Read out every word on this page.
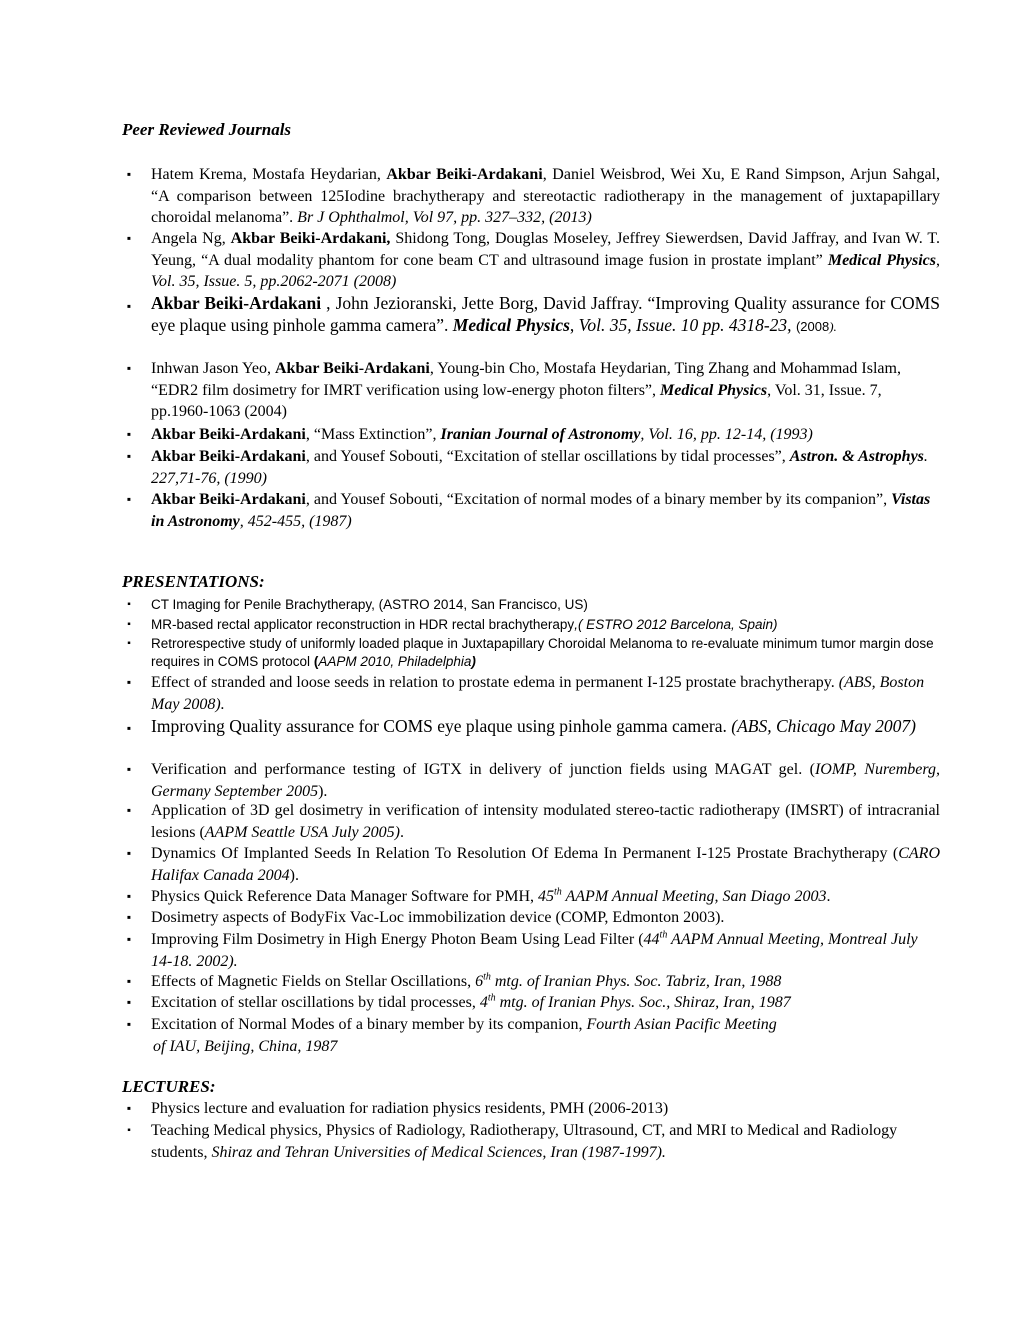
Peer Reviewed Journals
▪	Hatem Krema, Mostafa Heydarian, Akbar Beiki-Ardakani, Daniel Weisbrod, Wei Xu, E Rand Simpson, Arjun Sahgal, “A comparison between 125Iodine brachytherapy and stereotactic radiotherapy in the management of juxtapapillary choroidal melanoma”. Br J Ophthalmol, Vol 97, pp. 327–332, (2013)
▪	Angela Ng, Akbar Beiki-Ardakani, Shidong Tong, Douglas Moseley, Jeffrey Siewerdsen, David Jaffray, and Ivan W. T. Yeung, “A dual modality phantom for cone beam CT and ultrasound image fusion in prostate implant” Medical Physics, Vol. 35, Issue. 5, pp.2062-2071 (2008)
▪ Akbar Beiki-Ardakani , John Jezioranski, Jette Borg, David Jaffray. “Improving Quality assurance for COMS eye plaque using pinhole gamma camera”. Medical Physics, Vol. 35, Issue. 10 pp. 4318-23, (2008).
▪	Inhwan Jason Yeo, Akbar Beiki-Ardakani, Young-bin Cho, Mostafa Heydarian, Ting Zhang and Mohammad Islam, “EDR2 film dosimetry for IMRT verification using low-energy photon filters”, Medical Physics, Vol. 31, Issue. 7, pp.1960-1063 (2004)
▪	Akbar Beiki-Ardakani, “Mass Extinction”, Iranian Journal of Astronomy, Vol. 16, pp. 12-14, (1993)
▪	Akbar Beiki-Ardakani, and Yousef Sobouti, “Excitation of stellar oscillations by tidal processes”, Astron. & Astrophys. 227,71-76, (1990)
▪	Akbar Beiki-Ardakani, and Yousef Sobouti, “Excitation of normal modes of a binary member by its companion”, Vistas in Astronomy, 452-455, (1987)
PRESENTATIONS:
▪	CT Imaging for Penile Brachytherapy, (ASTRO 2014, San Francisco, US)
▪	MR-based rectal applicator reconstruction in HDR rectal brachytherapy,( ESTRO 2012 Barcelona, Spain)
▪	Retrorespective study of uniformly loaded plaque in Juxtapapillary Choroidal Melanoma to re-evaluate minimum tumor margin dose requires in COMS protocol (AAPM 2010, Philadelphia)
▪	Effect of stranded and loose seeds in relation to prostate edema in permanent I-125 prostate brachytherapy. (ABS, Boston May 2008).
▪ Improving Quality assurance for COMS eye plaque using pinhole gamma camera. (ABS, Chicago May 2007)
▪	Verification and performance testing of IGTX in delivery of junction fields using MAGAT gel. (IOMP, Nuremberg, Germany September 2005).
▪	Application of 3D gel dosimetry in verification of intensity modulated stereo-tactic radiotherapy (IMSRT) of intracranial lesions (AAPM Seattle USA July 2005).
▪	Dynamics Of Implanted Seeds In Relation To Resolution Of Edema In Permanent I-125 Prostate Brachytherapy (CARO Halifax Canada 2004).
▪	Physics Quick Reference Data Manager Software for PMH, 45th AAPM Annual Meeting, San Diago 2003.
▪	Dosimetry aspects of BodyFix Vac-Loc immobilization device (COMP, Edmonton 2003).
▪	Improving Film Dosimetry in High Energy Photon Beam Using Lead Filter (44th AAPM Annual Meeting, Montreal July 14-18. 2002).
▪	Effects of Magnetic Fields on Stellar Oscillations, 6th mtg. of Iranian Phys. Soc. Tabriz, Iran, 1988
▪	Excitation of stellar oscillations by tidal processes, 4th mtg. of Iranian Phys. Soc., Shiraz, Iran, 1987
▪	Excitation of Normal Modes of a binary member by its companion, Fourth Asian Pacific Meeting
of IAU, Beijing, China, 1987
LECTURES:
▪	Physics lecture and evaluation for radiation physics residents, PMH (2006-2013)
▪	Teaching Medical physics, Physics of Radiology, Radiotherapy, Ultrasound, CT, and MRI to Medical and Radiology students, Shiraz and Tehran Universities of Medical Sciences, Iran (1987-1997).
